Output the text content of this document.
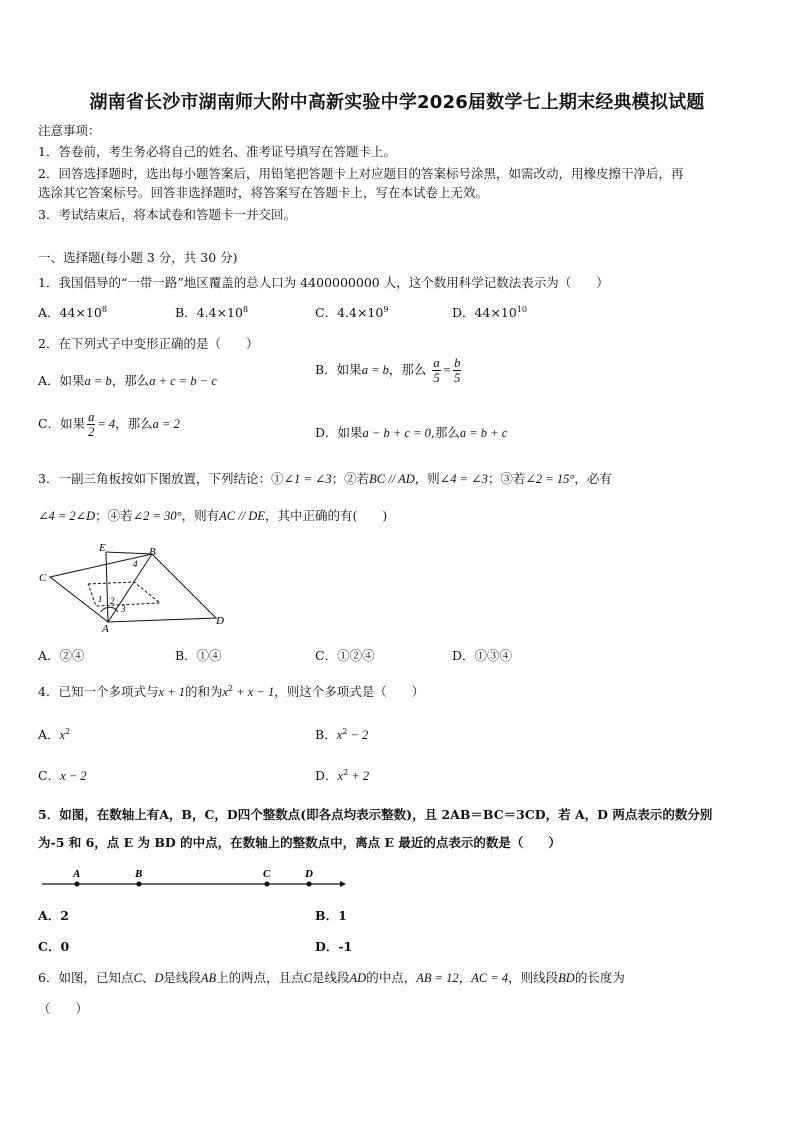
湖南省长沙市湖南师大附中高新实验中学2026届数学七上期末经典模拟试题
注意事项：
1．答卷前，考生务必将自己的姓名、准考证号填写在答题卡上。
2．回答选择题时，选出每小题答案后，用铅笔把答题卡上对应题目的答案标号涂黑，如需改动，用橡皮擦干净后，再
选涂其它答案标号。回答非选择题时，将答案写在答题卡上，写在本试卷上无效。
3．考试结束后，将本试卷和答题卡一并交回。
一、选择题(每小题 3 分，共 30 分)
1．我国倡导的“一带一路”地区覆盖的总人口为 4400000000 人，这个数用科学记数法表示为（　　）
A．$44\times 10^8$	B．$4.4\times 10^8$	C．$4.4\times 10^9$	D．$44\times 10^{10}$
2．在下列式子中变形正确的是（　　）
A．如果a = b，那么a + c = b − c
B．如果a = b，那么 $\frac{a}{5} = \frac{b}{5}$
C．如果 $\frac{a}{2} = 4$，那么a = 2
D．如果a − b + c = 0,那么a = b + c
3．一副三角板按如下图放置，下列结论：①∠1 = ∠3；②若BC // AD，则∠4 = ∠3；③若∠2 = 15°，必有
∠4 = 2∠D；④若∠2 = 30°，则有AC // DE，其中正确的有(　　)
E	B
C
A
D
1 2
3
4
A．②④	B．①④	C．①②④	D．①③④
4．已知一个多项式与x + 1的和为$x^2 + x - 1$，则这个多项式是（　　）
A．$x^2$	B．$x^2 - 2$
C．x − 2	D．$x^2 + 2$
5．如图，在数轴上有A，B，C，D四个整数点(即各点均表示整数)，且 2AB＝BC＝3CD，若 A，D 两点表示的数分别
为-5 和 6，点 E 为 BD 的中点，在数轴上的整数点中，离点 E 最近的点表示的数是（　　）
A	B	C	D
A．2	B．1
C．0	D．-1
6．如图，已知点C、D是线段AB上的两点，且点C是线段AD的中点，AB = 12，AC = 4，则线段BD的长度为
（　　）
